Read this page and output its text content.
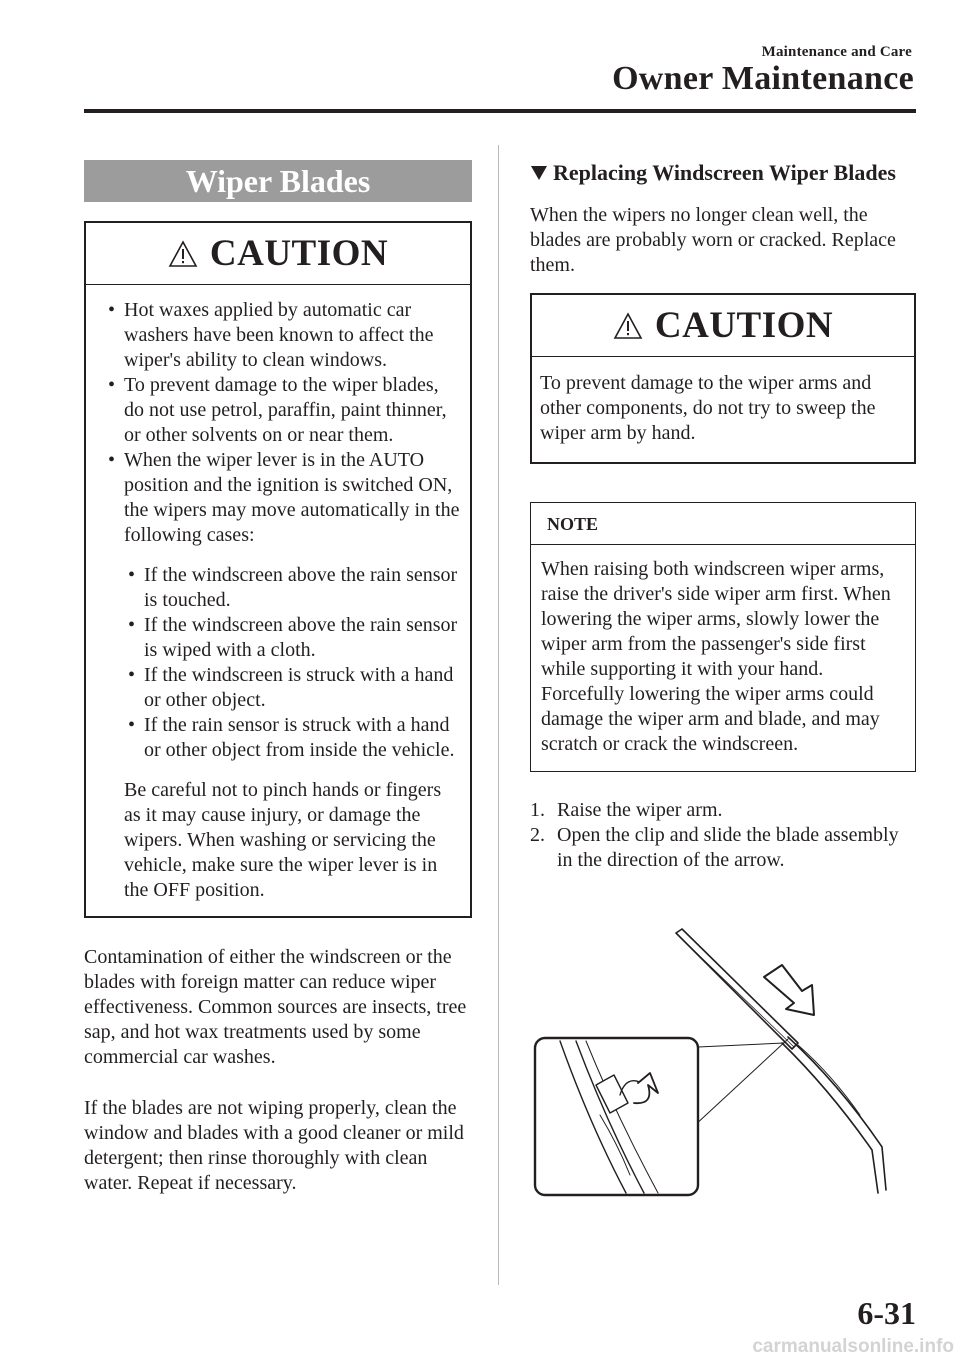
Maintenance and Care
Owner Maintenance
Wiper Blades
CAUTION
• Hot waxes applied by automatic car washers have been known to affect the wiper's ability to clean windows.
• To prevent damage to the wiper blades, do not use petrol, paraffin, paint thinner, or other solvents on or near them.
• When the wiper lever is in the AUTO position and the ignition is switched ON, the wipers may move automatically in the following cases:
• If the windscreen above the rain sensor is touched.
• If the windscreen above the rain sensor is wiped with a cloth.
• If the windscreen is struck with a hand or other object.
• If the rain sensor is struck with a hand or other object from inside the vehicle.

Be careful not to pinch hands or fingers as it may cause injury, or damage the wipers. When washing or servicing the vehicle, make sure the wiper lever is in the OFF position.

Contamination of either the windscreen or the blades with foreign matter can reduce wiper effectiveness. Common sources are insects, tree sap, and hot wax treatments used by some commercial car washes.

If the blades are not wiping properly, clean the window and blades with a good cleaner or mild detergent; then rinse thoroughly with clean water. Repeat if necessary.

Replacing Windscreen Wiper Blades

When the wipers no longer clean well, the blades are probably worn or cracked. Replace them.

CAUTION

To prevent damage to the wiper arms and other components, do not try to sweep the wiper arm by hand.

NOTE

When raising both windscreen wiper arms, raise the driver's side wiper arm first. When lowering the wiper arms, slowly lower the wiper arm from the passenger's side first while supporting it with your hand. Forcefully lowering the wiper arms could damage the wiper arm and blade, and may scratch or crack the windscreen.

1. Raise the wiper arm.
2. Open the clip and slide the blade assembly in the direction of the arrow.
6-31
carmanualsonline.info
